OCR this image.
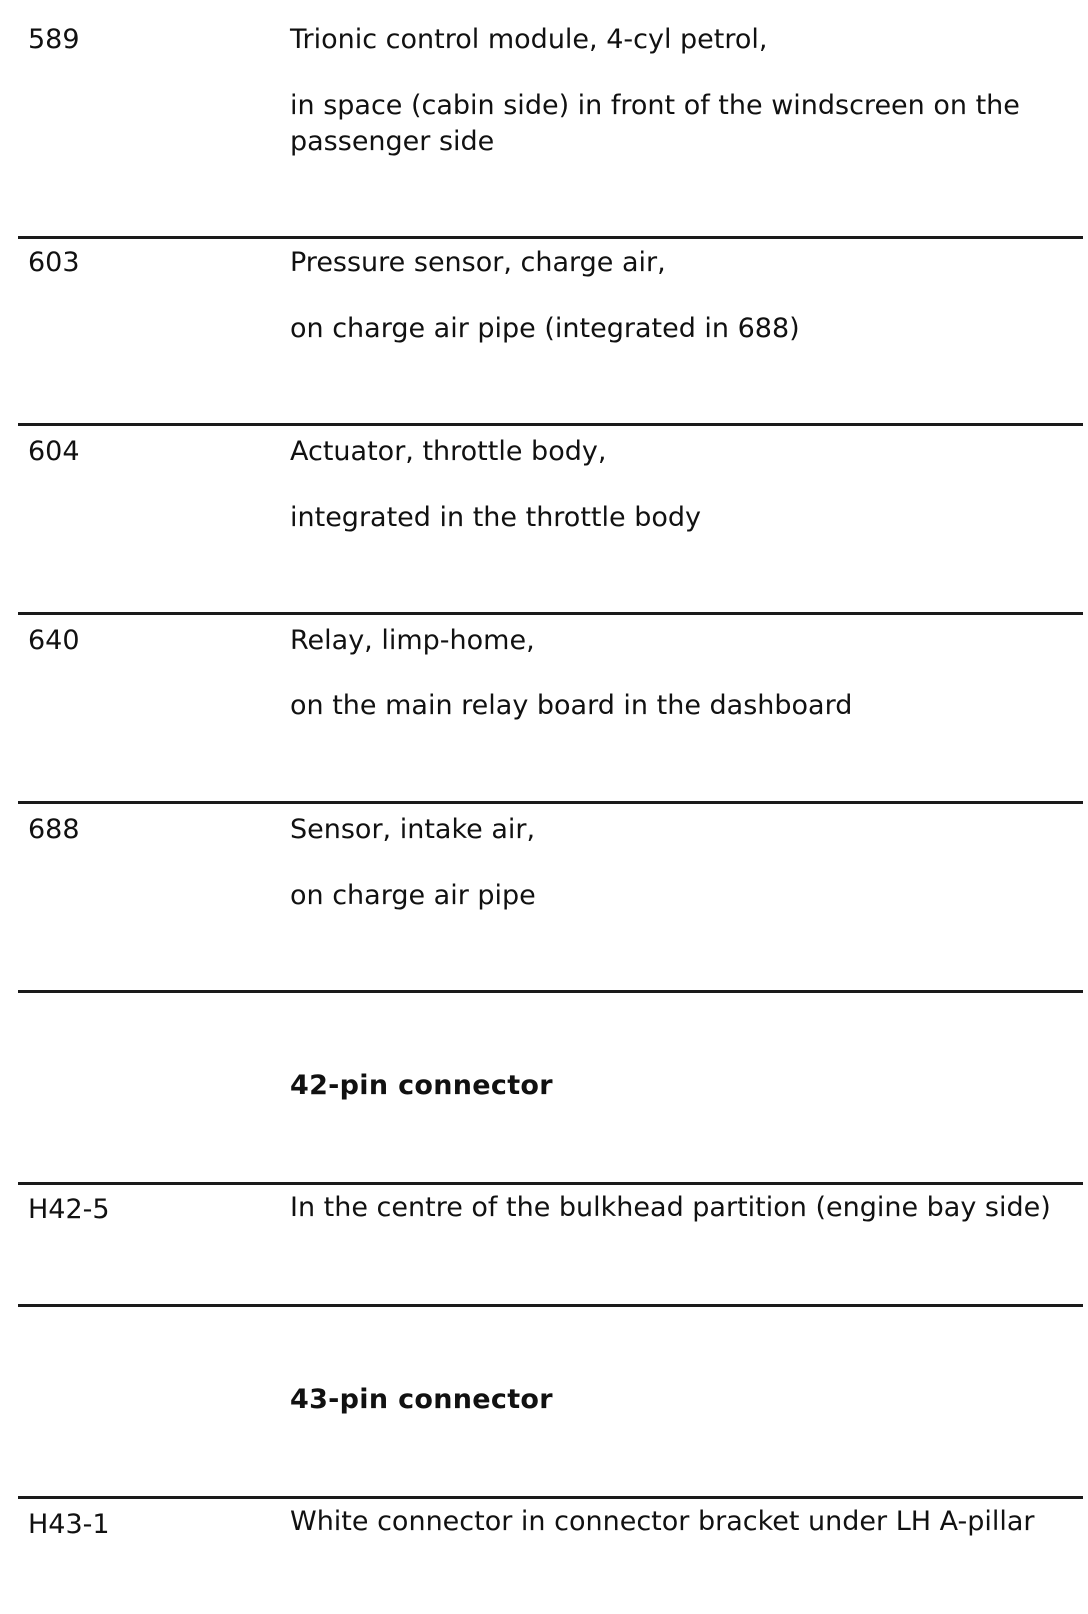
589	Trionic control module, 4-cyl petrol,
in space (cabin side) in front of the windscreen on the passenger side
603	Pressure sensor, charge air,
on charge air pipe (integrated in 688)
604	Actuator, throttle body,
integrated in the throttle body
640	Relay, limp-home,
on the main relay board in the dashboard
688	Sensor, intake air,
on charge air pipe
42-pin connector
H42-5	In the centre of the bulkhead partition (engine bay side)
43-pin connector
H43-1	White connector in connector bracket under LH A-pillar
